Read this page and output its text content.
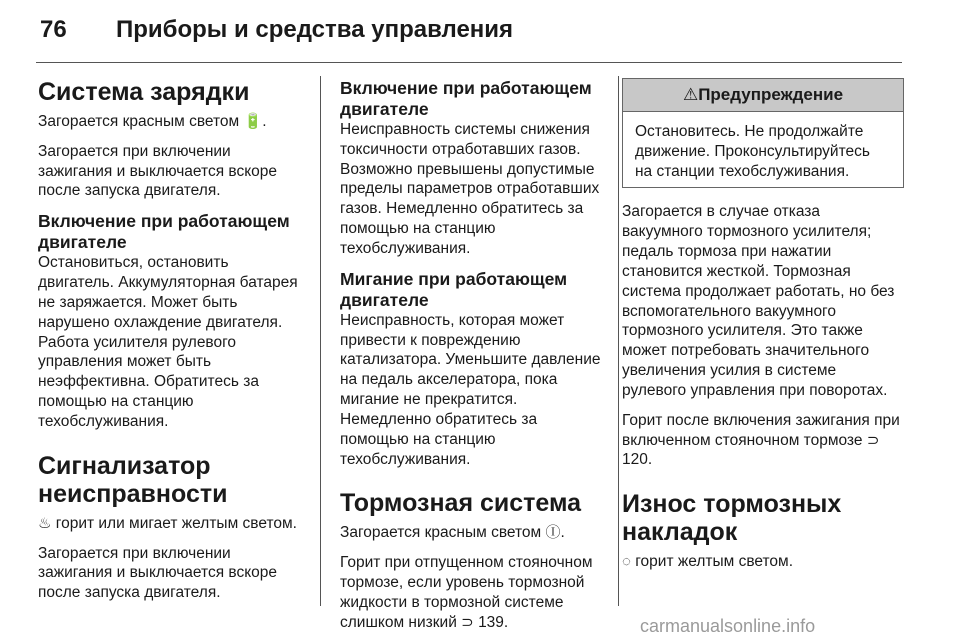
76 Приборы и средства управления
Система зарядки

Загорается красным светом 🔋.

Загорается при включении зажигания и выключается вскоре после запуска двигателя.

Включение при работающем двигателе

Остановиться, остановить двигатель. Аккумуляторная батарея не заряжается. Может быть нарушено охлаждение двигателя. Работа усилителя рулевого управления может быть неэффективна. Обратитесь за помощью на станцию техобслуживания.

Сигнализатор неисправности

♨ горит или мигает желтым светом.

Загорается при включении зажигания и выключается вскоре после запуска двигателя.

Включение при работающем двигателе

Неисправность системы снижения токсичности отработавших газов. Возможно превышены допустимые пределы параметров отработавших газов. Немедленно обратитесь за помощью на станцию техобслуживания.

Мигание при работающем двигателе

Неисправность, которая может привести к повреждению катализатора. Уменьшите давление на педаль акселератора, пока мигание не прекратится. Немедленно обратитесь за помощью на станцию техобслуживания.

Тормозная система

Загорается красным светом Ⓘ.

Горит при отпущенном стояночном тормозе, если уровень тормозной жидкости в тормозной системе слишком низкий ⊃ 139.

⚠Предупреждение

Остановитесь. Не продолжайте движение. Проконсультируйтесь на станции техобслуживания.

Загорается в случае отказа вакуумного тормозного усилителя; педаль тормоза при нажатии становится жесткой. Тормозная система продолжает работать, но без вспомогательного вакуумного тормозного усилителя. Это также может потребовать значительного увеличения усилия в системе рулевого управления при поворотах.

Горит после включения зажигания при включенном стояночном тормозе ⊃ 120.

Износ тормозных накладок

◌ горит желтым светом.

carmanualsonline.info
